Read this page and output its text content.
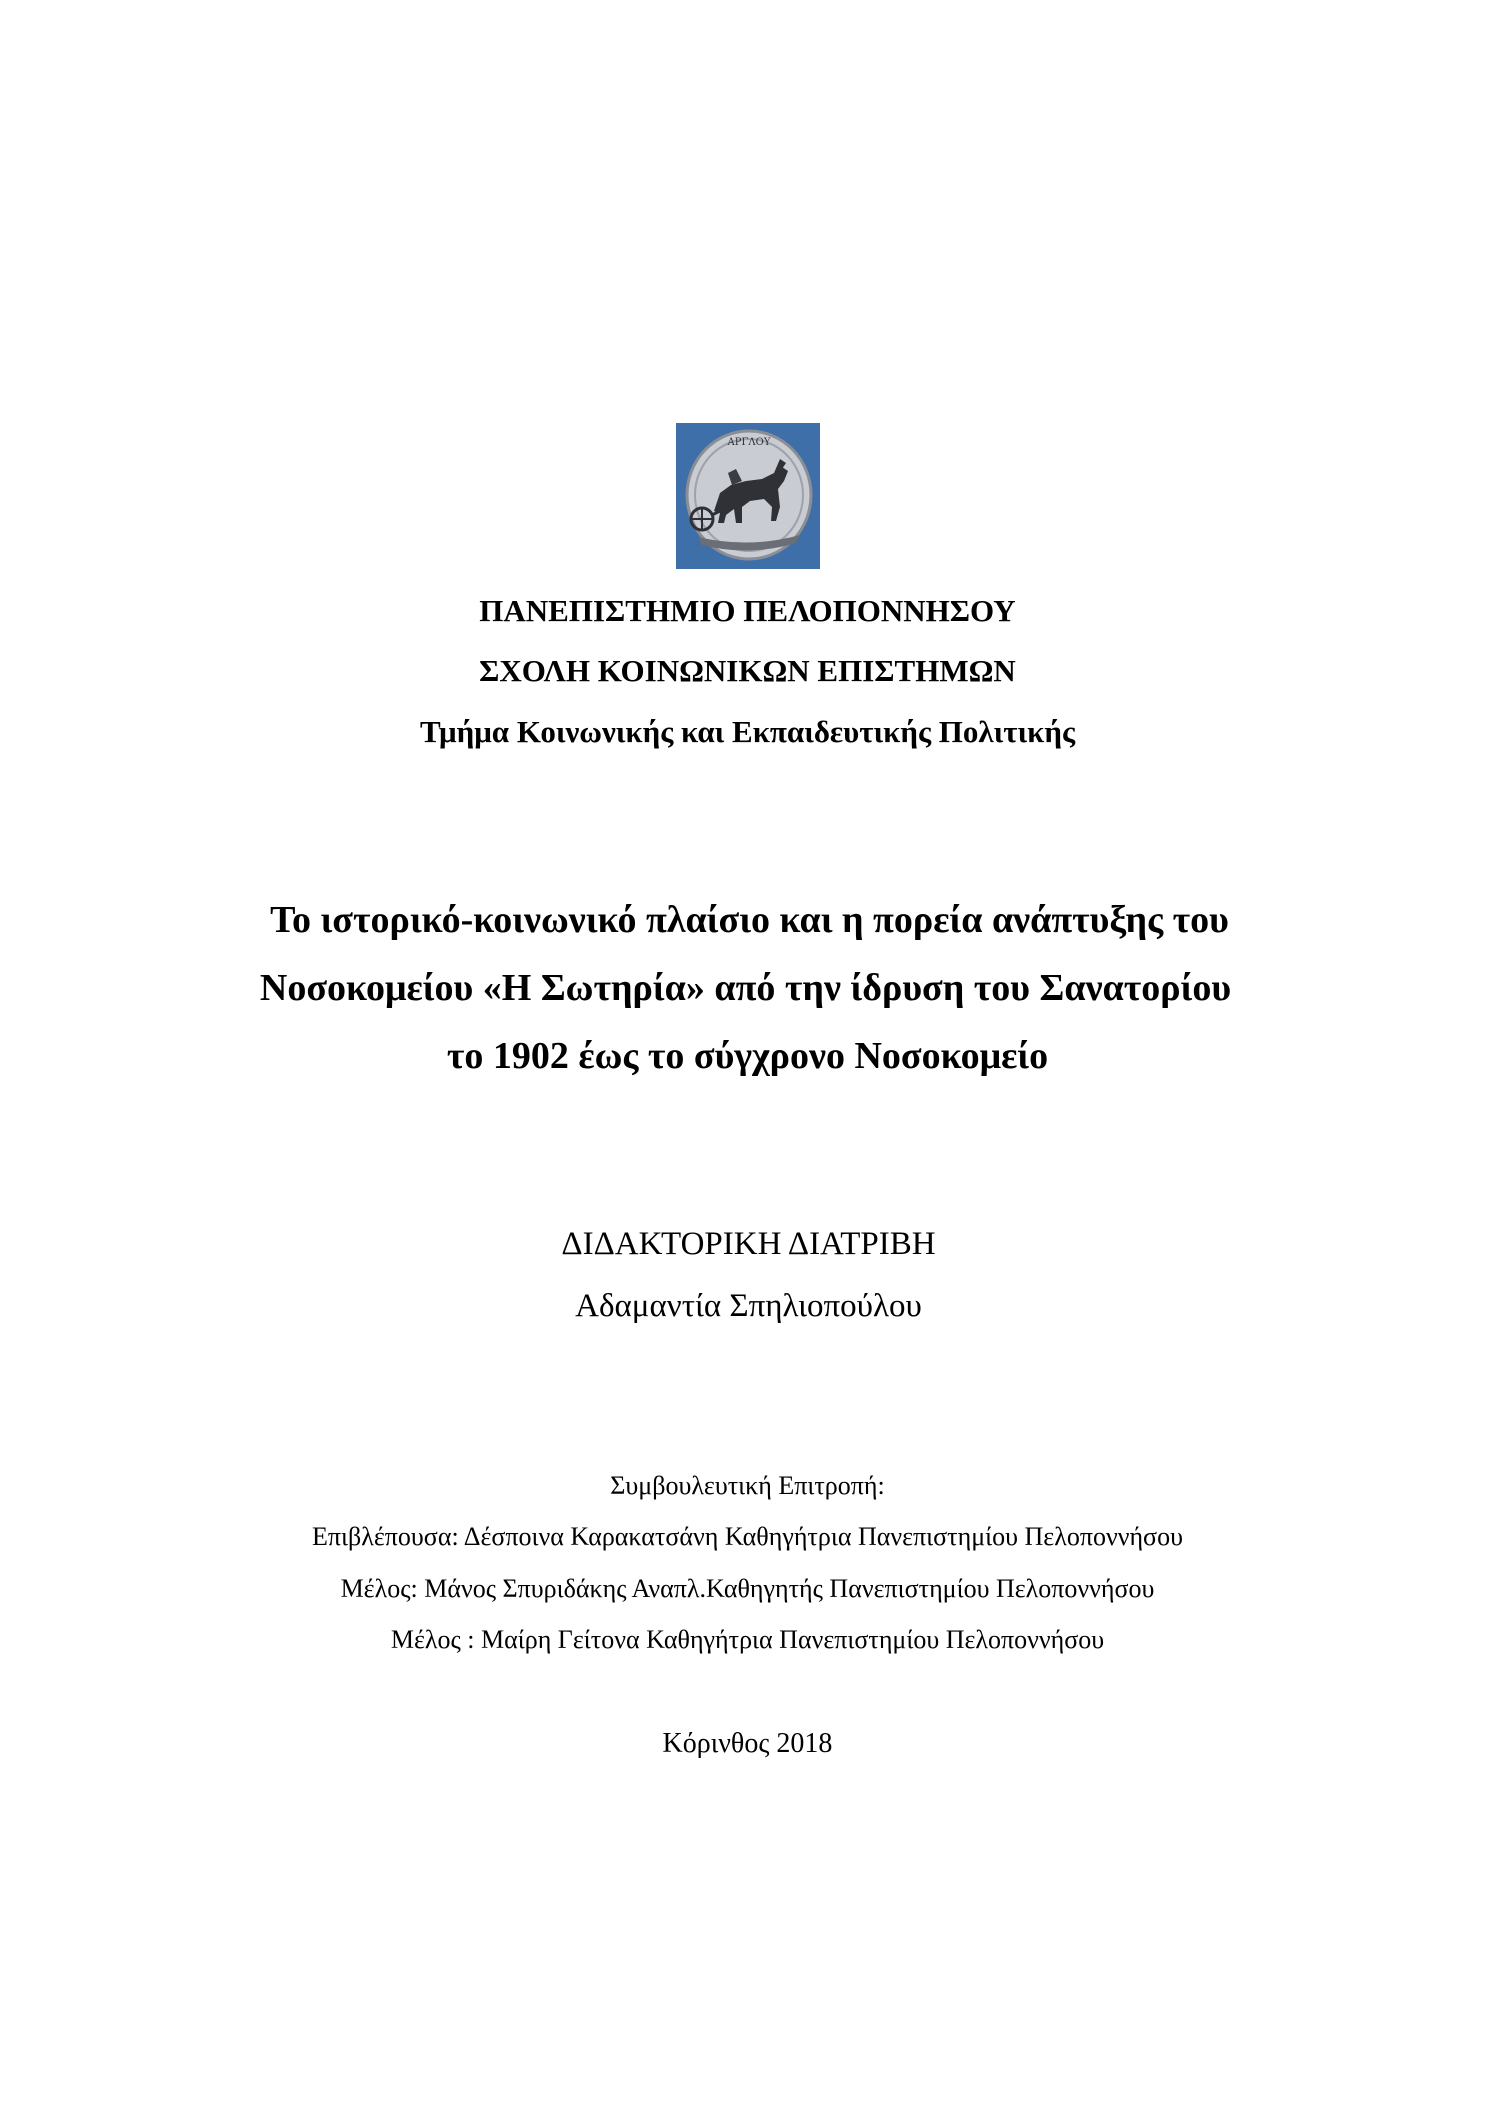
ΑΡΓΛΟΥ
ΠΑΝΕΠΙΣΤΗΜΙΟ ΠΕΛΟΠΟΝΝΗΣΟΥ
ΣΧΟΛΗ ΚΟΙΝΩΝΙΚΩΝ ΕΠΙΣΤΗΜΩΝ
Τμήμα Κοινωνικής και Εκπαιδευτικής Πολιτικής
Το ιστορικό-κοινωνικό πλαίσιο και η πορεία ανάπτυξης του
Νοσοκομείου «Η Σωτηρία» από την ίδρυση του Σανατορίου
το 1902 έως το σύγχρονο Νοσοκομείο
ΔΙΔΑΚΤΟΡΙΚΗ ΔΙΑΤΡΙΒΗ
Αδαμαντία Σπηλιοπούλου
Συμβουλευτική Επιτροπή:
Επιβλέπουσα: Δέσποινα Καρακατσάνη Καθηγήτρια Πανεπιστημίου Πελοποννήσου
Μέλος: Μάνος Σπυριδάκης Αναπλ.Καθηγητής Πανεπιστημίου Πελοποννήσου
Μέλος : Μαίρη Γείτονα Καθηγήτρια Πανεπιστημίου Πελοποννήσου
Κόρινθος 2018
